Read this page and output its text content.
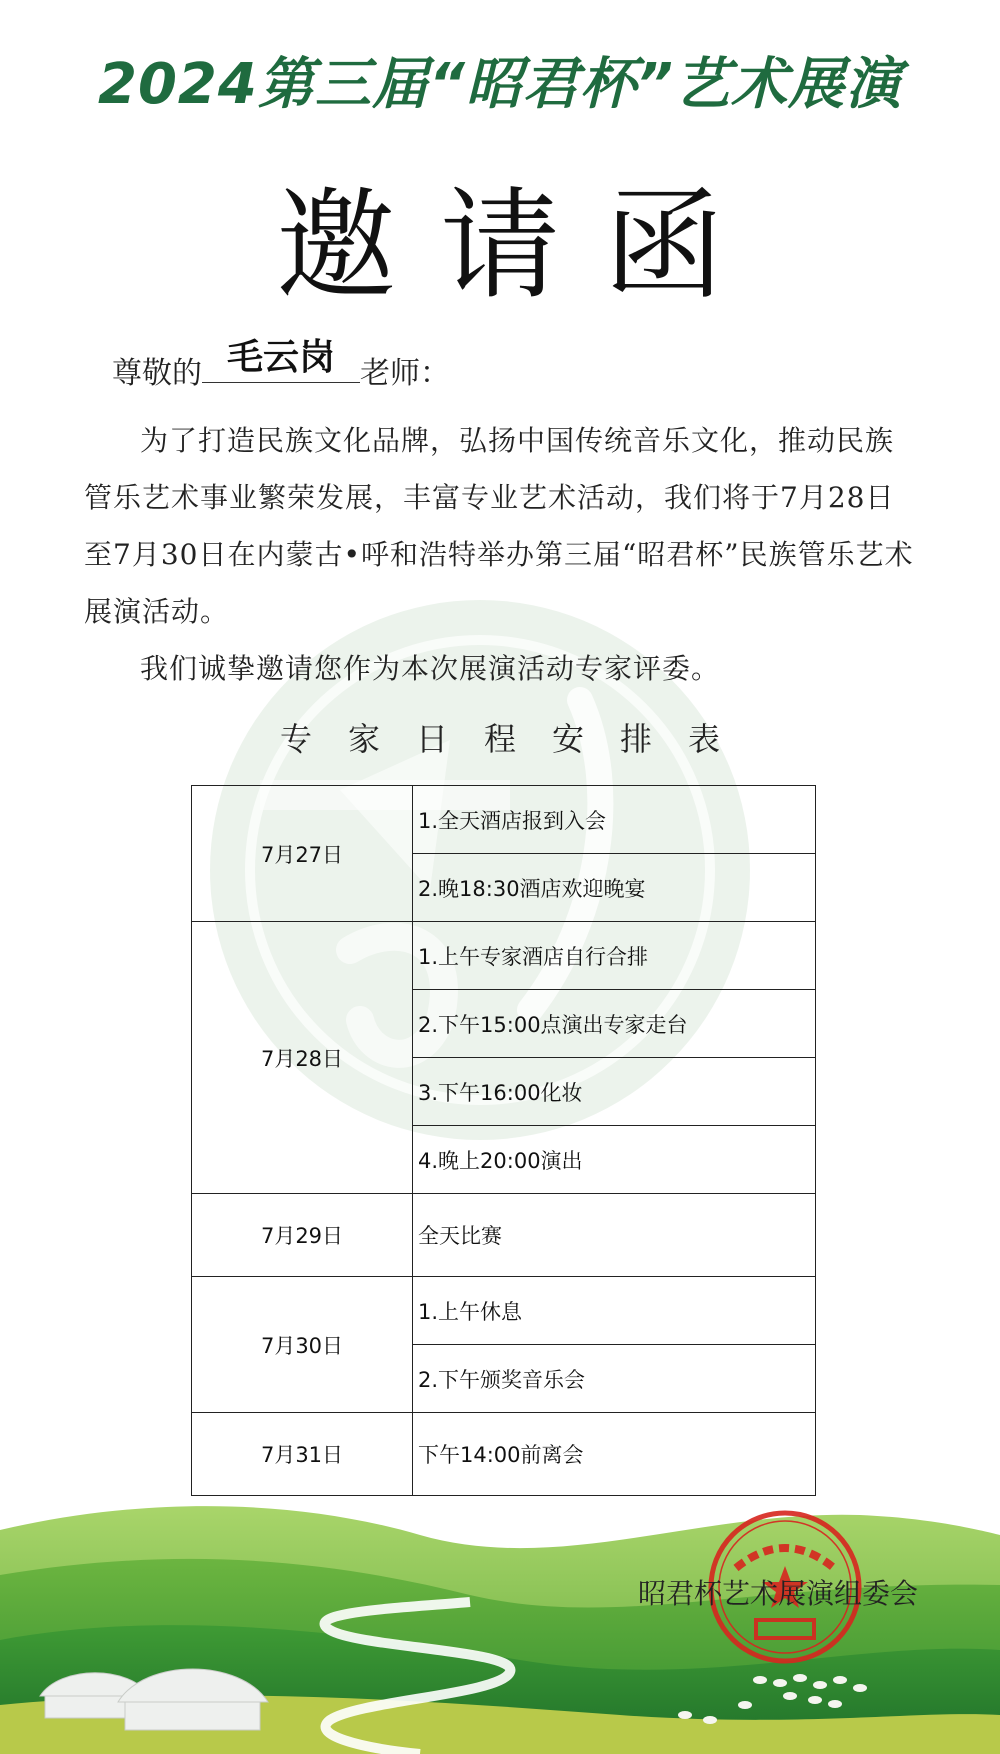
2024第三届“昭君杯”艺术展演
邀请函
尊敬的 毛云岗 老师：

为了打造民族文化品牌，弘扬中国传统音乐文化，推动民族管乐艺术事业繁荣发展，丰富专业艺术活动，我们将于7月28日至7月30日在内蒙古•呼和浩特举办第三届“昭君杯”民族管乐艺术展演活动。

我们诚挚邀请您作为本次展演活动专家评委。

专家日程安排表
7月27日	1.全天酒店报到入会
	2.晚18:30酒店欢迎晚宴
7月28日	1.上午专家酒店自行合排
	2.下午15:00点演出专家走台
	3.下午16:00化妆
	4.晚上20:00演出
7月29日	全天比赛
7月30日	1.上午休息
	2.下午颁奖音乐会
7月31日	下午14:00前离会
昭君杯艺术展演组委会
